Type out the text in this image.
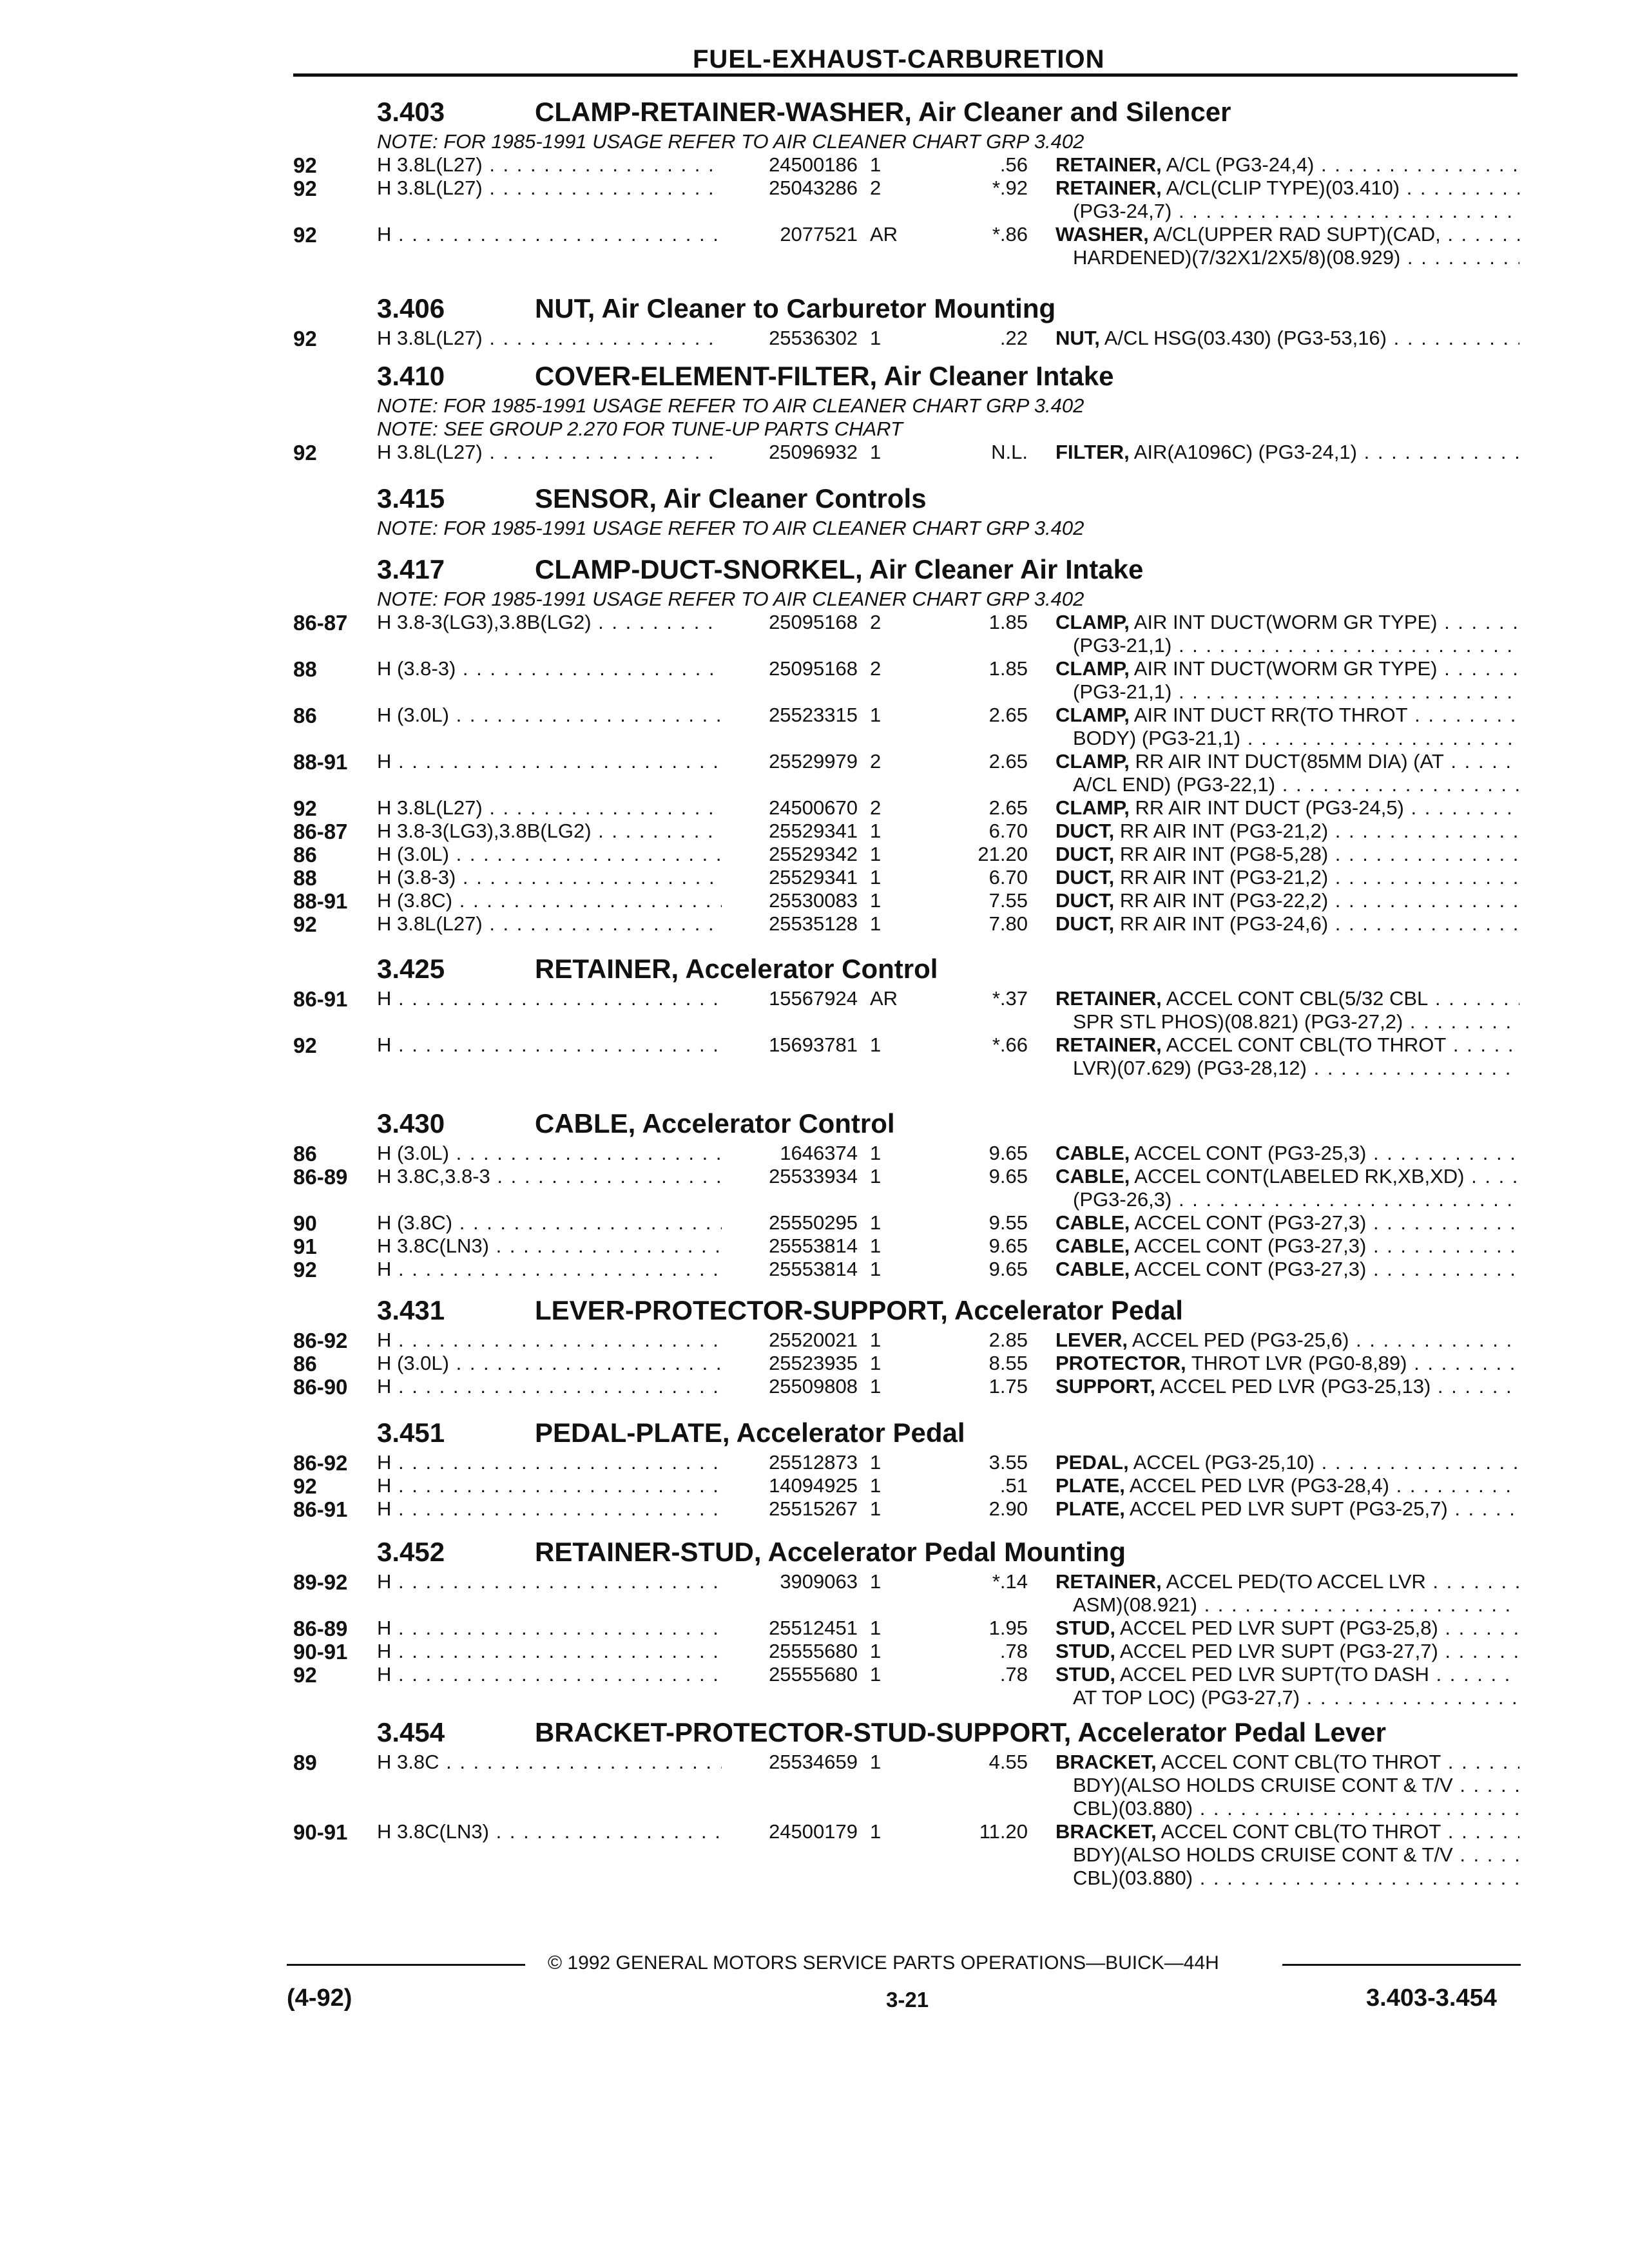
FUEL-EXHAUST-CARBURETION
3.403	CLAMP-RETAINER-WASHER, Air Cleaner and Silencer
NOTE: FOR 1985-1991 USAGE REFER TO AIR CLEANER CHART GRP 3.402
92	H 3.8L(L27) . . .	24500186 1	.56 RETAINER, A/CL (PG3-24,4) . . .
92	H 3.8L(L27) . . .	25043286 2	*.92 RETAINER, A/CL(CLIP TYPE)(03.410) . . .
(PG3-24,7) . . .
92	H . . .	2077521 AR	*.86 WASHER, A/CL(UPPER RAD SUPT)(CAD, . . .
HARDENED)(7/32X1/2X5/8)(08.929) . . .
3.406	NUT, Air Cleaner to Carburetor Mounting
92	H 3.8L(L27) . . .	25536302 1	.22 NUT, A/CL HSG(03.430) (PG3-53,16) . . .
3.410	COVER-ELEMENT-FILTER, Air Cleaner Intake
NOTE: FOR 1985-1991 USAGE REFER TO AIR CLEANER CHART GRP 3.402
NOTE: SEE GROUP 2.270 FOR TUNE-UP PARTS CHART
92	H 3.8L(L27) . . .	25096932 1	N.L. FILTER, AIR(A1096C) (PG3-24,1) . . .
3.415	SENSOR, Air Cleaner Controls
NOTE: FOR 1985-1991 USAGE REFER TO AIR CLEANER CHART GRP 3.402
3.417	CLAMP-DUCT-SNORKEL, Air Cleaner Air Intake
NOTE: FOR 1985-1991 USAGE REFER TO AIR CLEANER CHART GRP 3.402
86-87	H 3.8-3(LG3),3.8B(LG2) . . .	25095168 2	1.85 CLAMP, AIR INT DUCT(WORM GR TYPE) . . .
(PG3-21,1) . . .
88	H (3.8-3) . . .	25095168 2	1.85 CLAMP, AIR INT DUCT(WORM GR TYPE) . . .
(PG3-21,1) . . .
86	H (3.0L) . . .	25523315 1	2.65 CLAMP, AIR INT DUCT RR(TO THROT . . .
BODY) (PG3-21,1) . . .
88-91	H . . .	25529979 2	2.65 CLAMP, RR AIR INT DUCT(85MM DIA) (AT . . .
A/CL END) (PG3-22,1) . . .
92	H 3.8L(L27) . . .	24500670 2	2.65 CLAMP, RR AIR INT DUCT (PG3-24,5) . . .
86-87	H 3.8-3(LG3),3.8B(LG2) . . .	25529341 1	6.70 DUCT, RR AIR INT (PG3-21,2) . . .
86	H (3.0L) . . .	25529342 1	21.20 DUCT, RR AIR INT (PG8-5,28) . . .
88	H (3.8-3) . . .	25529341 1	6.70 DUCT, RR AIR INT (PG3-21,2) . . .
88-91	H (3.8C) . . .	25530083 1	7.55 DUCT, RR AIR INT (PG3-22,2) . . .
92	H 3.8L(L27) . . .	25535128 1	7.80 DUCT, RR AIR INT (PG3-24,6) . . .
3.425	RETAINER, Accelerator Control
86-91	H . . .	15567924 AR	*.37 RETAINER, ACCEL CONT CBL(5/32 CBL . . .
SPR STL PHOS)(08.821) (PG3-27,2) . . .
92	H . . .	15693781 1	*.66 RETAINER, ACCEL CONT CBL(TO THROT . . .
LVR)(07.629) (PG3-28,12) . . .
3.430	CABLE, Accelerator Control
86	H (3.0L) . . .	1646374 1	9.65 CABLE, ACCEL CONT (PG3-25,3) . . .
86-89	H 3.8C,3.8-3 . . .	25533934 1	9.65 CABLE, ACCEL CONT(LABELED RK,XB,XD) . . .
(PG3-26,3) . . .
90	H (3.8C) . . .	25550295 1	9.55 CABLE, ACCEL CONT (PG3-27,3) . . .
91	H 3.8C(LN3) . . .	25553814 1	9.65 CABLE, ACCEL CONT (PG3-27,3) . . .
92	H . . .	25553814 1	9.65 CABLE, ACCEL CONT (PG3-27,3) . . .
3.431	LEVER-PROTECTOR-SUPPORT, Accelerator Pedal
86-92	H . . .	25520021 1	2.85 LEVER, ACCEL PED (PG3-25,6) . . .
86	H (3.0L) . . .	25523935 1	8.55 PROTECTOR, THROT LVR (PG0-8,89) . . .
86-90	H . . .	25509808 1	1.75 SUPPORT, ACCEL PED LVR (PG3-25,13) . . .
3.451	PEDAL-PLATE, Accelerator Pedal
86-92	H . . .	25512873 1	3.55 PEDAL, ACCEL (PG3-25,10) . . .
92	H . . .	14094925 1	.51 PLATE, ACCEL PED LVR (PG3-28,4) . . .
86-91	H . . .	25515267 1	2.90 PLATE, ACCEL PED LVR SUPT (PG3-25,7) . . .
3.452	RETAINER-STUD, Accelerator Pedal Mounting
89-92	H . . .	3909063 1	*.14 RETAINER, ACCEL PED(TO ACCEL LVR . . .
ASM)(08.921) . . .
86-89	H . . .	25512451 1	1.95 STUD, ACCEL PED LVR SUPT (PG3-25,8) . . .
90-91	H . . .	25555680 1	.78 STUD, ACCEL PED LVR SUPT (PG3-27,7) . . .
92	H . . .	25555680 1	.78 STUD, ACCEL PED LVR SUPT(TO DASH . . .
AT TOP LOC) (PG3-27,7) . . .
3.454	BRACKET-PROTECTOR-STUD-SUPPORT, Accelerator Pedal Lever
89	H 3.8C . . .	25534659 1	4.55 BRACKET, ACCEL CONT CBL(TO THROT . . .
BDY)(ALSO HOLDS CRUISE CONT & T/V . . .
CBL)(03.880) . . .
90-91	H 3.8C(LN3) . . .	24500179 1	11.20 BRACKET, ACCEL CONT CBL(TO THROT . . .
BDY)(ALSO HOLDS CRUISE CONT & T/V . . .
CBL)(03.880) . . .
© 1992 GENERAL MOTORS SERVICE PARTS OPERATIONS—BUICK—44H
(4-92)	3-21	3.403-3.454
